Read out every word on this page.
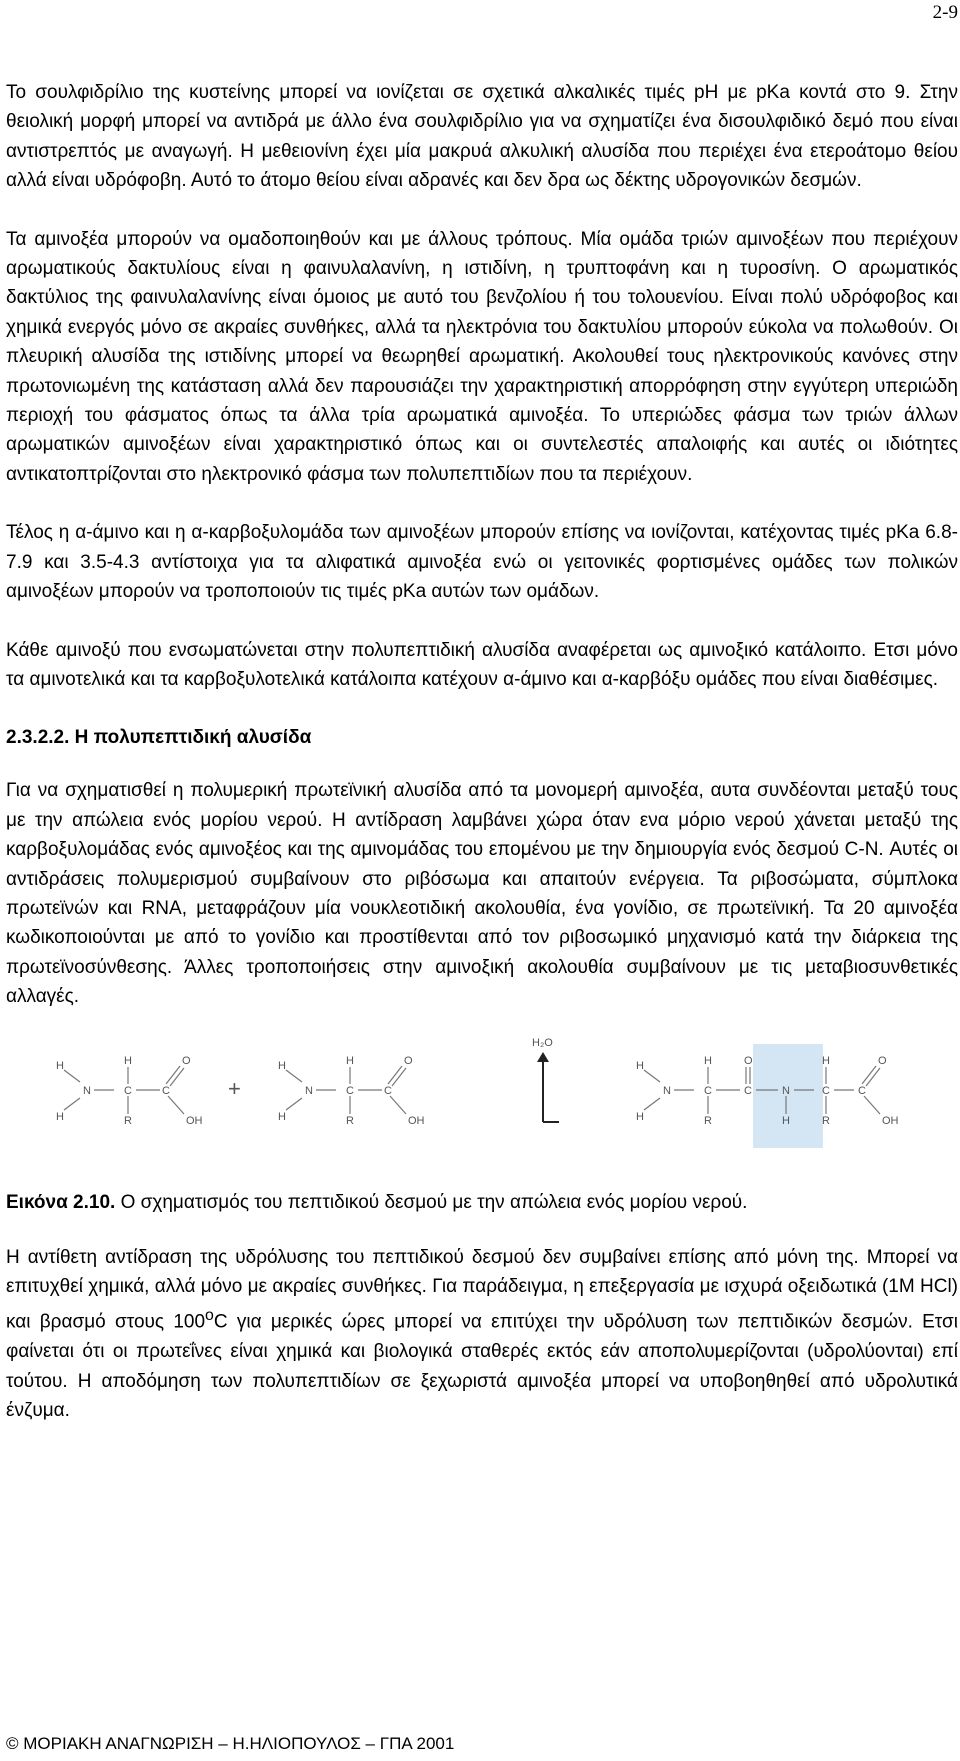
2-9

Το σουλφιδρίλιο της κυστείνης μπορεί να ιονίζεται σε σχετικά αλκαλικές τιμές pH με pKa κοντά στο 9. Στην θειολική μορφή μπορεί να αντιδρά με άλλο ένα σουλφιδρίλιο για να σχηματίζει ένα δισουλφιδικό δεμό που είναι αντιστρεπτός με αναγωγή. Η μεθειονίνη έχει μία μακρυά αλκυλική αλυσίδα που περιέχει ένα ετεροάτομο θείου αλλά είναι υδρόφοβη. Αυτό το άτομο θείου είναι αδρανές και δεν δρα ως δέκτης υδρογονικών δεσμών.

Τα αμινοξέα μπορούν να ομαδοποιηθούν και με άλλους τρόπους. Μία ομάδα τριών αμινοξέων που περιέχουν αρωματικούς δακτυλίους είναι η φαινυλαλανίνη, η ιστιδίνη, η τρυπτοφάνη και η τυροσίνη. Ο αρωματικός δακτύλιος της φαινυλαλανίνης είναι όμοιος με αυτό του βενζολίου ή του τολουενίου. Είναι πολύ υδρόφοβος και χημικά ενεργός μόνο σε ακραίες συνθήκες, αλλά τα ηλεκτρόνια του δακτυλίου μπορούν εύκολα να πολωθούν. Οι πλευρική αλυσίδα της ιστιδίνης μπορεί να θεωρηθεί αρωματική. Ακολουθεί τους ηλεκτρονικούς κανόνες στην πρωτονιωμένη της κατάσταση αλλά δεν παρουσιάζει την χαρακτηριστική απορρόφηση στην εγγύτερη υπεριώδη περιοχή του φάσματος όπως τα άλλα τρία αρωματικά αμινοξέα. Το υπεριώδες φάσμα των τριών άλλων αρωματικών αμινοξέων είναι χαρακτηριστικό όπως και οι συντελεστές απαλοιφής και αυτές οι ιδιότητες αντικατοπτρίζονται στο ηλεκτρονικό φάσμα των πολυπεπτιδίων που τα περιέχουν.

Τέλος η α-άμινο και η α-καρβοξυλομάδα των αμινοξέων μπορούν επίσης να ιονίζονται, κατέχοντας τιμές pKa 6.8-7.9 και 3.5-4.3 αντίστοιχα για τα αλιφατικά αμινοξέα ενώ οι γειτονικές φορτισμένες ομάδες των πολικών αμινοξέων μπορούν να τροποποιούν τις τιμές pKa αυτών των ομάδων.

Κάθε αμινοξύ που ενσωματώνεται στην πολυπεπτιδική αλυσίδα αναφέρεται ως αμινοξικό κατάλοιπο. Ετσι μόνο τα αμινοτελικά και τα καρβοξυλοτελικά κατάλοιπα κατέχουν α-άμινο και α-καρβόξυ ομάδες που είναι διαθέσιμες.

2.3.2.2. Η πολυπεπτιδική αλυσίδα

Για να σχηματισθεί η πολυμερική πρωτεϊνική αλυσίδα από τα μονομερή αμινοξέα, αυτα συνδέονται μεταξύ τους με την απώλεια ενός μορίου νερού. Η αντίδραση λαμβάνει χώρα όταν ενα μόριο νερού χάνεται μεταξύ της καρβοξυλομάδας ενός αμινοξέος και της αμινομάδας του επομένου με την δημιουργία ενός δεσμού C-N. Αυτές οι αντιδράσεις πολυμερισμού συμβαίνουν στο ριβόσωμα και απαιτούν ενέργεια. Τα ριβοσώματα, σύμπλοκα πρωτεϊνών και RNA, μεταφράζουν μία νουκλεοτιδική ακολουθία, ένα γονίδιο, σε πρωτεϊνική. Τα 20 αμινοξέα κωδικοποιούνται με από το γονίδιο και προστίθενται από τον ριβοσωμικό μηχανισμό κατά την διάρκεια της πρωτεϊνοσύνθεσης. Άλλες τροποποιήσεις στην αμινοξική ακολουθία συμβαίνουν με τις μεταβιοσυνθετικές αλλαγές.

H
H
N
H
C
R
C
O
OH
+
H
H
N
H
C
R
C
O
OH
H₂O
H
H
N
H
C
R
O
C	N
H
H
C
R
C
O
OH
Εικόνα 2.10. Ο σχηματισμός του πεπτιδικού δεσμού με την απώλεια ενός μορίου νερού.

Η αντίθετη αντίδραση της υδρόλυσης του πεπτιδικού δεσμού δεν συμβαίνει επίσης από μόνη της. Μπορεί να επιτυχθεί χημικά, αλλά μόνο με ακραίες συνθήκες. Για παράδειγμα, η επεξεργασία με ισχυρά οξειδωτικά (1M HCl) και βρασμό στους $100^oC$ για μερικές ώρες μπορεί να επιτύχει την υδρόλυση των πεπτιδικών δεσμών. Ετσι φαίνεται ότι οι πρωτεΐνες είναι χημικά και βιολογικά σταθερές εκτός εάν αποπολυμερίζονται (υδρολύονται) επί τούτου. Η αποδόμηση των πολυπεπτιδίων σε ξεχωριστά αμινοξέα μπορεί να υποβοηθηθεί από υδρολυτικά ένζυμα.

© ΜΟΡΙΑΚΗ ΑΝΑΓΝΩΡΙΣΗ – Η.ΗΛΙΟΠΟΥΛΟΣ – ΓΠΑ 2001
